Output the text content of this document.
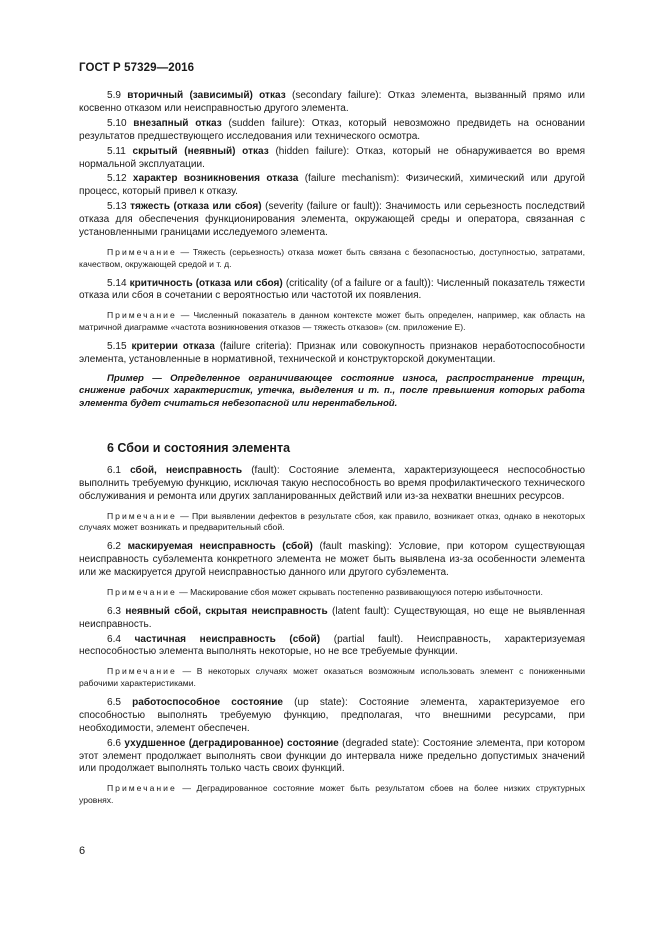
ГОСТ Р 57329—2016
5.9 вторичный (зависимый) отказ (secondary failure): Отказ элемента, вызванный прямо или косвенно отказом или неисправностью другого элемента.
5.10 внезапный отказ (sudden failure): Отказ, который невозможно предвидеть на основании результатов предшествующего исследования или технического осмотра.
5.11 скрытый (неявный) отказ (hidden failure): Отказ, который не обнаруживается во время нормальной эксплуатации.
5.12 характер возникновения отказа (failure mechanism): Физический, химический или другой процесс, который привел к отказу.
5.13 тяжесть (отказа или сбоя) (severity (failure or fault)): Значимость или серьезность последствий отказа для обеспечения функционирования элемента, окружающей среды и оператора, связанная с установленными границами исследуемого элемента.
Примечание — Тяжесть (серьезность) отказа может быть связана с безопасностью, доступностью, затратами, качеством, окружающей средой и т. д.
5.14 критичность (отказа или сбоя) (criticality (of a failure or a fault)): Численный показатель тяжести отказа или сбоя в сочетании с вероятностью или частотой их появления.
Примечание — Численный показатель в данном контексте может быть определен, например, как область на матричной диаграмме «частота возникновения отказов — тяжесть отказов» (см. приложение Е).
5.15 критерии отказа (failure criteria): Признак или совокупность признаков неработоспособности элемента, установленные в нормативной, технической и конструкторской документации.
Пример — Определенное ограничивающее состояние износа, распространение трещин, снижение рабочих характеристик, утечка, выделения и т. п., после превышения которых работа элемента будет считаться небезопасной или нерентабельной.
6 Сбои и состояния элемента
6.1 сбой, неисправность (fault): Состояние элемента, характеризующееся неспособностью выполнить требуемую функцию, исключая такую неспособность во время профилактического технического обслуживания и ремонта или других запланированных действий или из-за нехватки внешних ресурсов.
Примечание — При выявлении дефектов в результате сбоя, как правило, возникает отказ, однако в некоторых случаях может возникать и предварительный сбой.
6.2 маскируемая неисправность (сбой) (fault masking): Условие, при котором существующая неисправность субэлемента конкретного элемента не может быть выявлена из-за особенности элемента или же маскируется другой неисправностью данного или другого субэлемента.
Примечание — Маскирование сбоя может скрывать постепенно развивающуюся потерю избыточности.
6.3 неявный сбой, скрытая неисправность (latent fault): Существующая, но еще не выявленная неисправность.
6.4 частичная неисправность (сбой) (partial fault). Неисправность, характеризуемая неспособностью элемента выполнять некоторые, но не все требуемые функции.
Примечание — В некоторых случаях может оказаться возможным использовать элемент с пониженными рабочими характеристиками.
6.5 работоспособное состояние (up state): Состояние элемента, характеризуемое его способностью выполнять требуемую функцию, предполагая, что внешними ресурсами, при необходимости, элемент обеспечен.
6.6 ухудшенное (деградированное) состояние (degraded state): Состояние элемента, при котором этот элемент продолжает выполнять свои функции до интервала ниже предельно допустимых значений или продолжает выполнять только часть своих функций.
Примечание — Деградированное состояние может быть результатом сбоев на более низких структурных уровнях.
6
